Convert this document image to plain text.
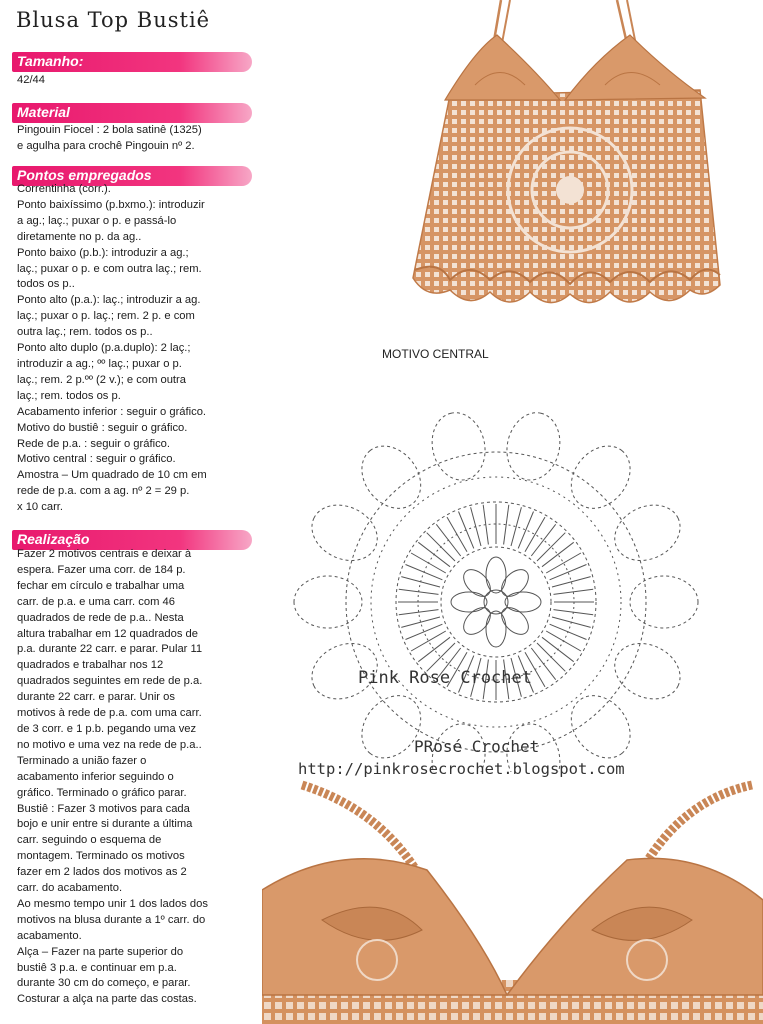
Blusa Top Bustiê
Tamanho:
42/44
Material
Pingouin Fiocel : 2 bola satinê (1325)
e agulha para crochê Pingouin nº 2.
Pontos empregados
Correntinha (corr.).
Ponto baixíssimo (p.bxmo.): introduzir
a ag.; laç.; puxar o p. e passá-lo
diretamente no p. da ag..
Ponto baixo (p.b.): introduzir a ag.;
laç.; puxar o p. e com outra laç.; rem.
todos os p..
Ponto alto (p.a.): laç.; introduzir a ag.
laç.; puxar o p. laç.; rem. 2 p. e com
outra laç.; rem. todos os p..
Ponto alto duplo (p.a.duplo): 2 laç.;
introduzir a ag.; ºº laç.; puxar o p.
laç.; rem. 2 p.ºº (2 v.); e com outra
laç.; rem. todos os p.
Acabamento inferior : seguir o gráfico.
Motivo do bustiê : seguir o gráfico.
Rede de p.a. : seguir o gráfico.
Motivo central : seguir o gráfico.
Amostra – Um quadrado de 10 cm em
rede de p.a. com a ag. nº 2 = 29 p.
x 10 carr.
Realização
Fazer 2 motivos centrais e deixar à
espera. Fazer uma corr. de 184 p.
fechar em círculo e trabalhar uma
carr. de p.a. e uma carr. com 46
quadrados de rede de p.a.. Nesta
altura trabalhar em 12 quadrados de
p.a. durante 22 carr. e parar. Pular 11
quadrados e trabalhar nos 12
quadrados seguintes em rede de p.a.
durante 22 carr. e parar. Unir os
motivos à rede de p.a. com uma carr.
de 3 corr. e 1 p.b. pegando uma vez
no motivo e uma vez na rede de p.a..
Terminado a união fazer o
acabamento inferior seguindo o
gráfico. Terminado o gráfico parar.
Bustiê : Fazer 3 motivos para cada
bojo e unir entre si durante a última
carr. seguindo o esquema de
montagem. Terminado os motivos
fazer em 2 lados dos motivos as 2
carr. do acabamento.
Ao mesmo tempo unir 1 dos lados dos
motivos na blusa durante a 1º carr. do
acabamento.
Alça – Fazer na parte superior do
bustiê 3 p.a. e continuar em p.a.
durante 30 cm do começo, e parar.
Costurar a alça na parte das costas.
MOTIVO CENTRAL
Pink Rose Crochet
PRosé Crochet
http://pinkrosecrochet.blogspot.com
